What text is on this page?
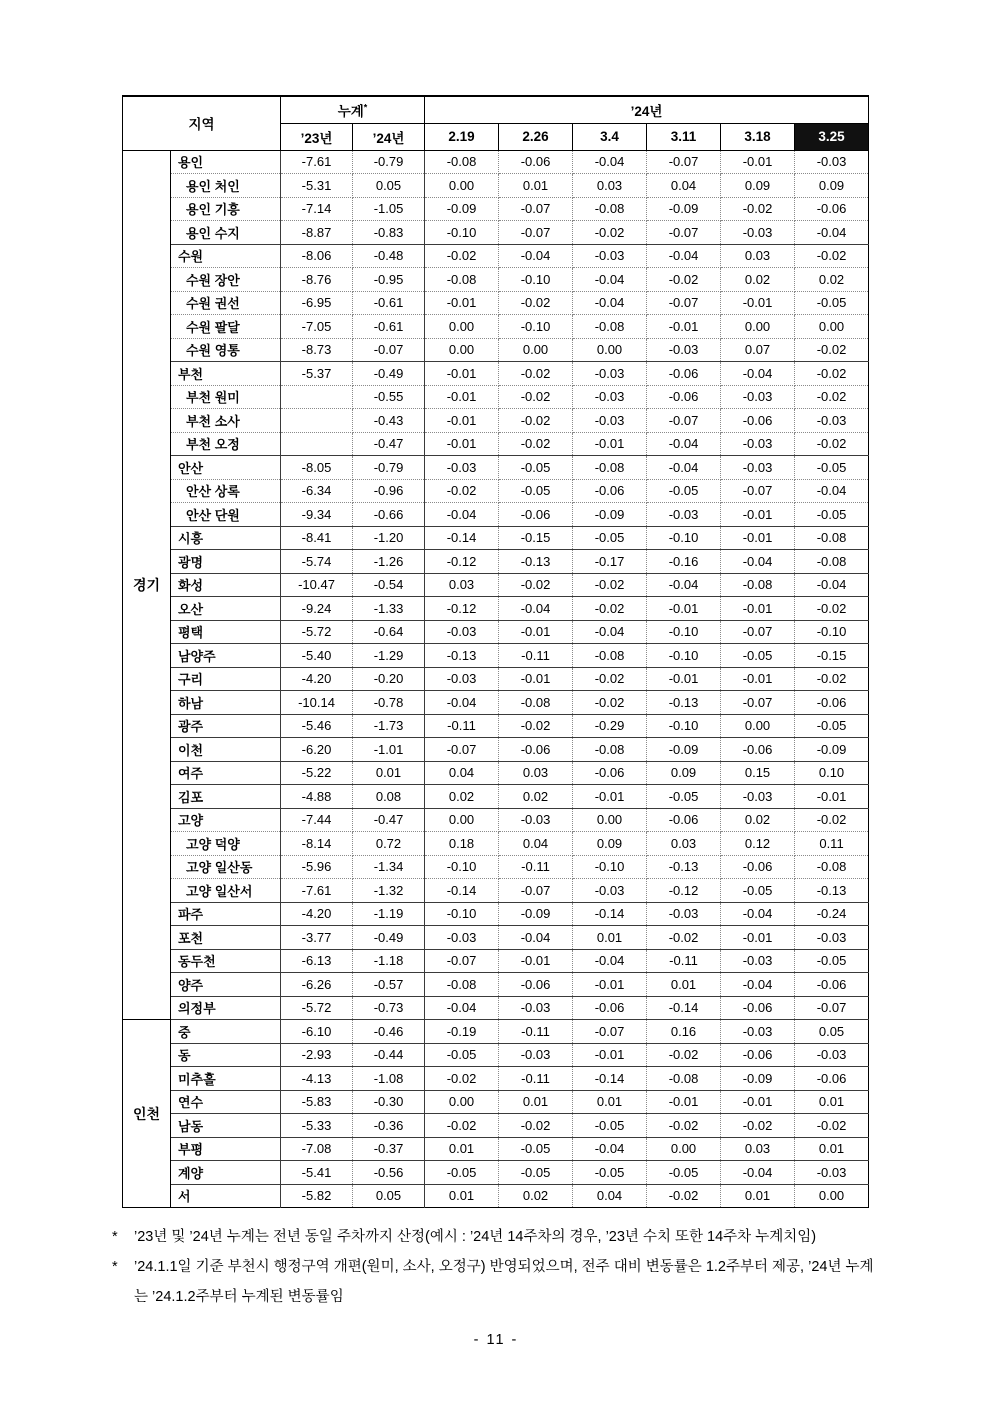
지역		누계*		’24년					
		’23년	’24년	2.19	2.26	3.4	3.11	3.18	3.25
경기	용인	-7.61	-0.79	-0.08	-0.06	-0.04	-0.07	-0.01	-0.03
	용인 처인	-5.31	0.05	0.00	0.01	0.03	0.04	0.09	0.09
	용인 기흥	-7.14	-1.05	-0.09	-0.07	-0.08	-0.09	-0.02	-0.06
	용인 수지	-8.87	-0.83	-0.10	-0.07	-0.02	-0.07	-0.03	-0.04
	수원	-8.06	-0.48	-0.02	-0.04	-0.03	-0.04	0.03	-0.02
	수원 장안	-8.76	-0.95	-0.08	-0.10	-0.04	-0.02	0.02	0.02
	수원 권선	-6.95	-0.61	-0.01	-0.02	-0.04	-0.07	-0.01	-0.05
	수원 팔달	-7.05	-0.61	0.00	-0.10	-0.08	-0.01	0.00	0.00
	수원 영통	-8.73	-0.07	0.00	0.00	0.00	-0.03	0.07	-0.02
	부천	-5.37	-0.49	-0.01	-0.02	-0.03	-0.06	-0.04	-0.02
	부천 원미		-0.55	-0.01	-0.02	-0.03	-0.06	-0.03	-0.02
	부천 소사		-0.43	-0.01	-0.02	-0.03	-0.07	-0.06	-0.03
	부천 오정		-0.47	-0.01	-0.02	-0.01	-0.04	-0.03	-0.02
	안산	-8.05	-0.79	-0.03	-0.05	-0.08	-0.04	-0.03	-0.05
	안산 상록	-6.34	-0.96	-0.02	-0.05	-0.06	-0.05	-0.07	-0.04
	안산 단원	-9.34	-0.66	-0.04	-0.06	-0.09	-0.03	-0.01	-0.05
	시흥	-8.41	-1.20	-0.14	-0.15	-0.05	-0.10	-0.01	-0.08
	광명	-5.74	-1.26	-0.12	-0.13	-0.17	-0.16	-0.04	-0.08
	화성	-10.47	-0.54	0.03	-0.02	-0.02	-0.04	-0.08	-0.04
	오산	-9.24	-1.33	-0.12	-0.04	-0.02	-0.01	-0.01	-0.02
	평택	-5.72	-0.64	-0.03	-0.01	-0.04	-0.10	-0.07	-0.10
	남양주	-5.40	-1.29	-0.13	-0.11	-0.08	-0.10	-0.05	-0.15
	구리	-4.20	-0.20	-0.03	-0.01	-0.02	-0.01	-0.01	-0.02
	하남	-10.14	-0.78	-0.04	-0.08	-0.02	-0.13	-0.07	-0.06
	광주	-5.46	-1.73	-0.11	-0.02	-0.29	-0.10	0.00	-0.05
	이천	-6.20	-1.01	-0.07	-0.06	-0.08	-0.09	-0.06	-0.09
	여주	-5.22	0.01	0.04	0.03	-0.06	0.09	0.15	0.10
	김포	-4.88	0.08	0.02	0.02	-0.01	-0.05	-0.03	-0.01
	고양	-7.44	-0.47	0.00	-0.03	0.00	-0.06	0.02	-0.02
	고양 덕양	-8.14	0.72	0.18	0.04	0.09	0.03	0.12	0.11
	고양 일산동	-5.96	-1.34	-0.10	-0.11	-0.10	-0.13	-0.06	-0.08
	고양 일산서	-7.61	-1.32	-0.14	-0.07	-0.03	-0.12	-0.05	-0.13
	파주	-4.20	-1.19	-0.10	-0.09	-0.14	-0.03	-0.04	-0.24
	포천	-3.77	-0.49	-0.03	-0.04	0.01	-0.02	-0.01	-0.03
	동두천	-6.13	-1.18	-0.07	-0.01	-0.04	-0.11	-0.03	-0.05
	양주	-6.26	-0.57	-0.08	-0.06	-0.01	0.01	-0.04	-0.06
	의정부	-5.72	-0.73	-0.04	-0.03	-0.06	-0.14	-0.06	-0.07
인천	중	-6.10	-0.46	-0.19	-0.11	-0.07	0.16	-0.03	0.05
	동	-2.93	-0.44	-0.05	-0.03	-0.01	-0.02	-0.06	-0.03
	미추홀	-4.13	-1.08	-0.02	-0.11	-0.14	-0.08	-0.09	-0.06
	연수	-5.83	-0.30	0.00	0.01	0.01	-0.01	-0.01	0.01
	남동	-5.33	-0.36	-0.02	-0.02	-0.05	-0.02	-0.02	-0.02
	부평	-7.08	-0.37	0.01	-0.05	-0.04	0.00	0.03	0.01
	계양	-5.41	-0.56	-0.05	-0.05	-0.05	-0.05	-0.04	-0.03
	서	-5.82	0.05	0.01	0.02	0.04	-0.02	0.01	0.00
*	’23년 및 ’24년 누계는 전년 동일 주차까지 산정(예시 : ’24년 14주차의 경우, ’23년 수치 또한 14주차 누계치임)
*	’24.1.1일 기준 부천시 행정구역 개편(원미, 소사, 오정구) 반영되었으며, 전주 대비 변동률은 1.2주부터 제공, ’24년 누계는 ’24.1.2주부터 누계된 변동률임
- 11 -
